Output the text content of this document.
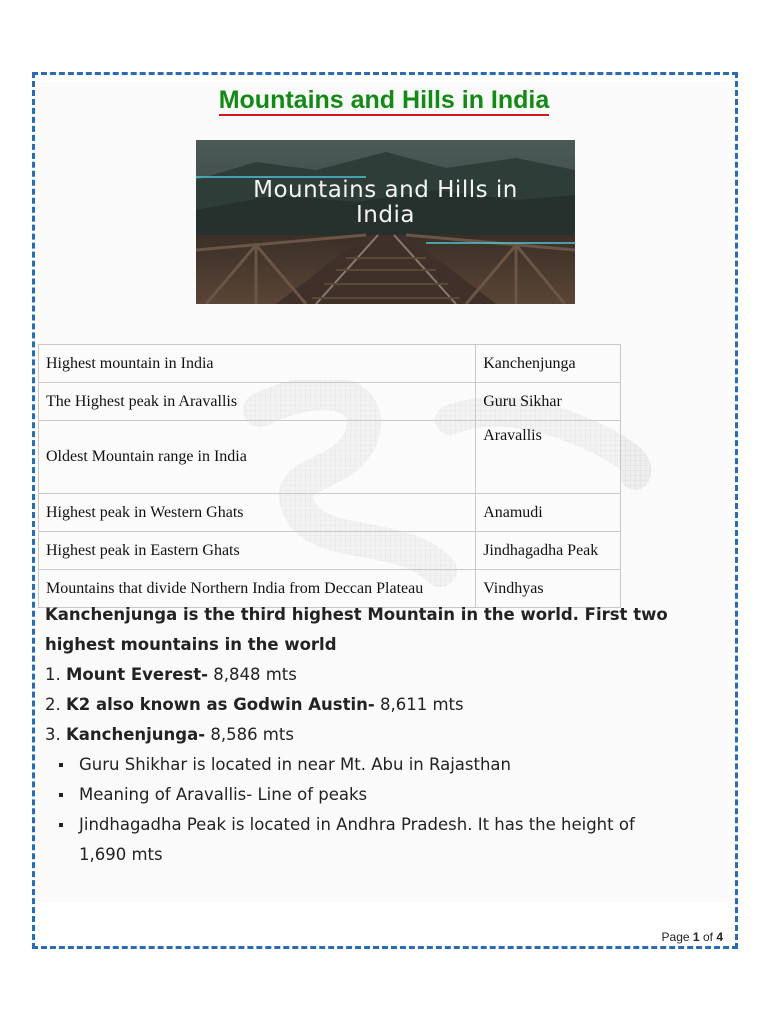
Mountains and Hills in India
Mountains and Hills in
India
Highest mountain in India	Kanchenjunga
The Highest peak in Aravallis	Guru Sikhar
Oldest Mountain range in India	Aravallis
Highest peak in Western Ghats	Anamudi
Highest peak in Eastern Ghats	Jindhagadha Peak
Mountains that divide Northern India from Deccan Plateau	Vindhyas

Kanchenjunga is the third highest Mountain in the world. First two highest mountains in the world

1. Mount Everest- 8,848 mts

2. K2 also known as Godwin Austin- 8,611 mts

3. Kanchenjunga- 8,586 mts

Guru Shikhar is located in near Mt. Abu in Rajasthan
Meaning of Aravallis- Line of peaks
Jindhagadha Peak is located in Andhra Pradesh. It has the height of 1,690 mts
Page 1 of 4
